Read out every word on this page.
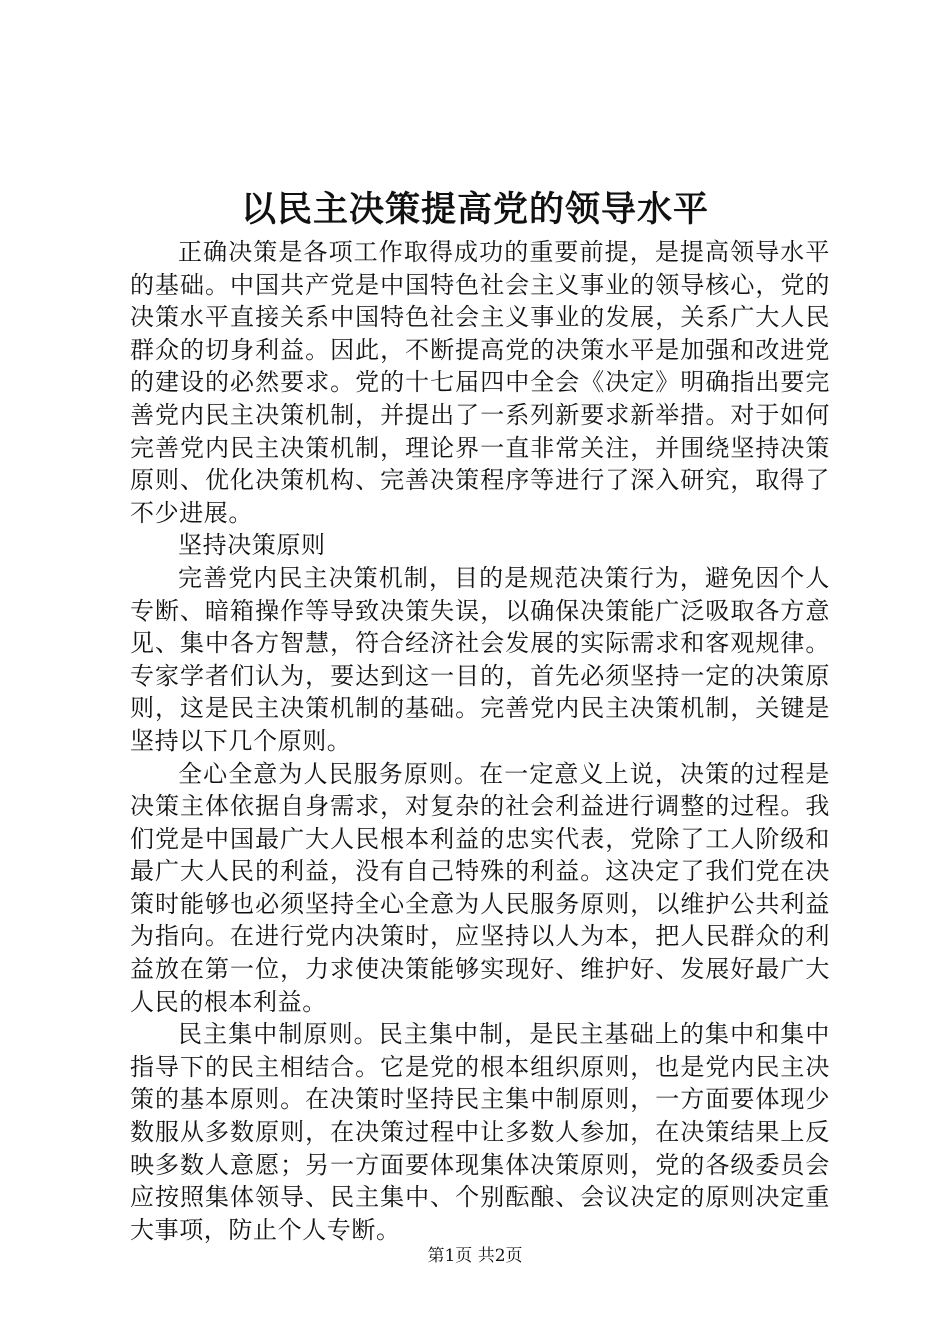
以民主决策提高党的领导水平

正确决策是各项工作取得成功的重要前提，是提高领导水平的基础。中国共产党是中国特色社会主义事业的领导核心，党的决策水平直接关系中国特色社会主义事业的发展，关系广大人民群众的切身利益。因此，不断提高党的决策水平是加强和改进党的建设的必然要求。党的十七届四中全会《决定》明确指出要完善党内民主决策机制，并提出了一系列新要求新举措。对于如何完善党内民主决策机制，理论界一直非常关注，并围绕坚持决策原则、优化决策机构、完善决策程序等进行了深入研究，取得了不少进展。

坚持决策原则

完善党内民主决策机制，目的是规范决策行为，避免因个人专断、暗箱操作等导致决策失误，以确保决策能广泛吸取各方意见、集中各方智慧，符合经济社会发展的实际需求和客观规律。专家学者们认为，要达到这一目的，首先必须坚持一定的决策原则，这是民主决策机制的基础。完善党内民主决策机制，关键是坚持以下几个原则。

全心全意为人民服务原则。在一定意义上说，决策的过程是决策主体依据自身需求，对复杂的社会利益进行调整的过程。我们党是中国最广大人民根本利益的忠实代表，党除了工人阶级和最广大人民的利益，没有自己特殊的利益。这决定了我们党在决策时能够也必须坚持全心全意为人民服务原则，以维护公共利益为指向。在进行党内决策时，应坚持以人为本，把人民群众的利益放在第一位，力求使决策能够实现好、维护好、发展好最广大人民的根本利益。

民主集中制原则。民主集中制，是民主基础上的集中和集中指导下的民主相结合。它是党的根本组织原则，也是党内民主决策的基本原则。在决策时坚持民主集中制原则，一方面要体现少数服从多数原则，在决策过程中让多数人参加，在决策结果上反映多数人意愿；另一方面要体现集体决策原则，党的各级委员会应按照集体领导、民主集中、个别酝酿、会议决定的原则决定重大事项，防止个人专断。

第1页 共2页
